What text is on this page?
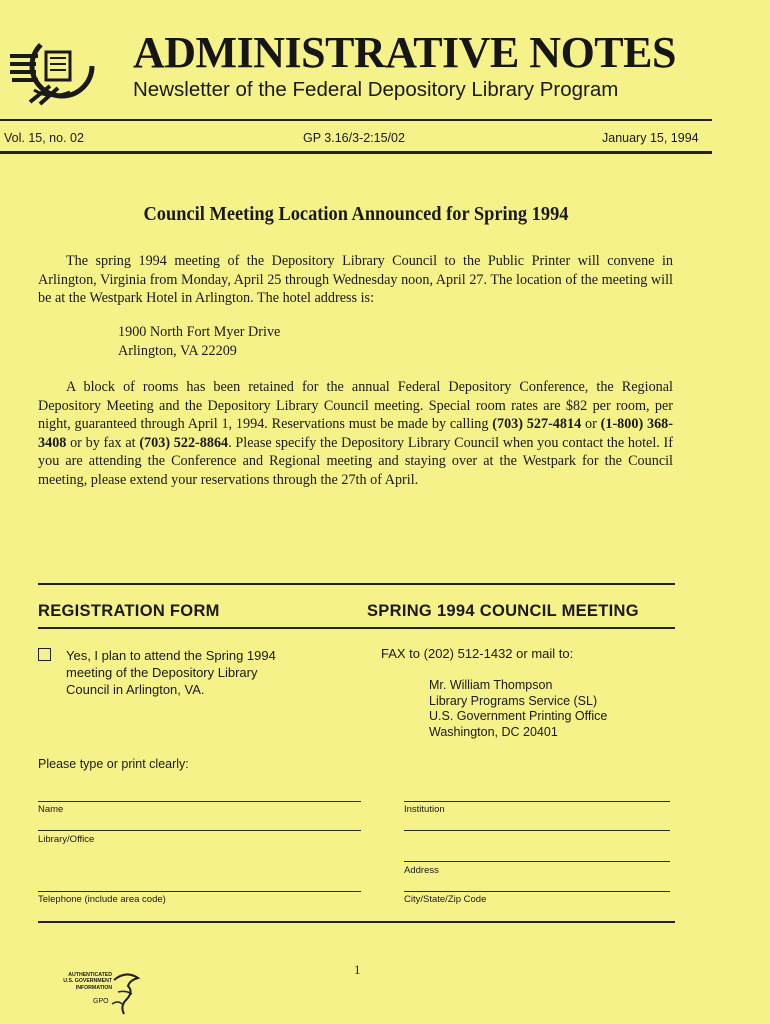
ADMINISTRATIVE NOTES
Newsletter of the Federal Depository Library Program
Vol. 15, no. 02	GP 3.16/3-2:15/02	January 15, 1994
Council Meeting Location Announced for Spring 1994

The spring 1994 meeting of the Depository Library Council to the Public Printer will convene in Arlington, Virginia from Monday, April 25 through Wednesday noon, April 27. The location of the meeting will be at the Westpark Hotel in Arlington. The hotel address is:

1900 North Fort Myer Drive
Arlington, VA 22209

A block of rooms has been retained for the annual Federal Depository Conference, the Regional Depository Meeting and the Depository Library Council meeting. Special room rates are $82 per room, per night, guaranteed through April 1, 1994. Reservations must be made by calling (703) 527-4814 or (1-800) 368-3408 or by fax at (703) 522-8864. Please specify the Depository Library Council when you contact the hotel. If you are attending the Conference and Regional meeting and staying over at the Westpark for the Council meeting, please extend your reservations through the 27th of April.

REGISTRATION FORM	SPRING 1994 COUNCIL MEETING
Yes, I plan to attend the Spring 1994
meeting of the Depository Library
Council in Arlington, VA.
FAX to (202) 512-1432 or mail to:
Mr. William Thompson
Library Programs Service (SL)
U.S. Government Printing Office
Washington, DC 20401
Please type or print clearly:
Name	Institution
Library/Office
Address
Telephone (include area code)	City/State/Zip Code
1
AUTHENTICATED
U.S. GOVERNMENT
INFORMATION
GPO
